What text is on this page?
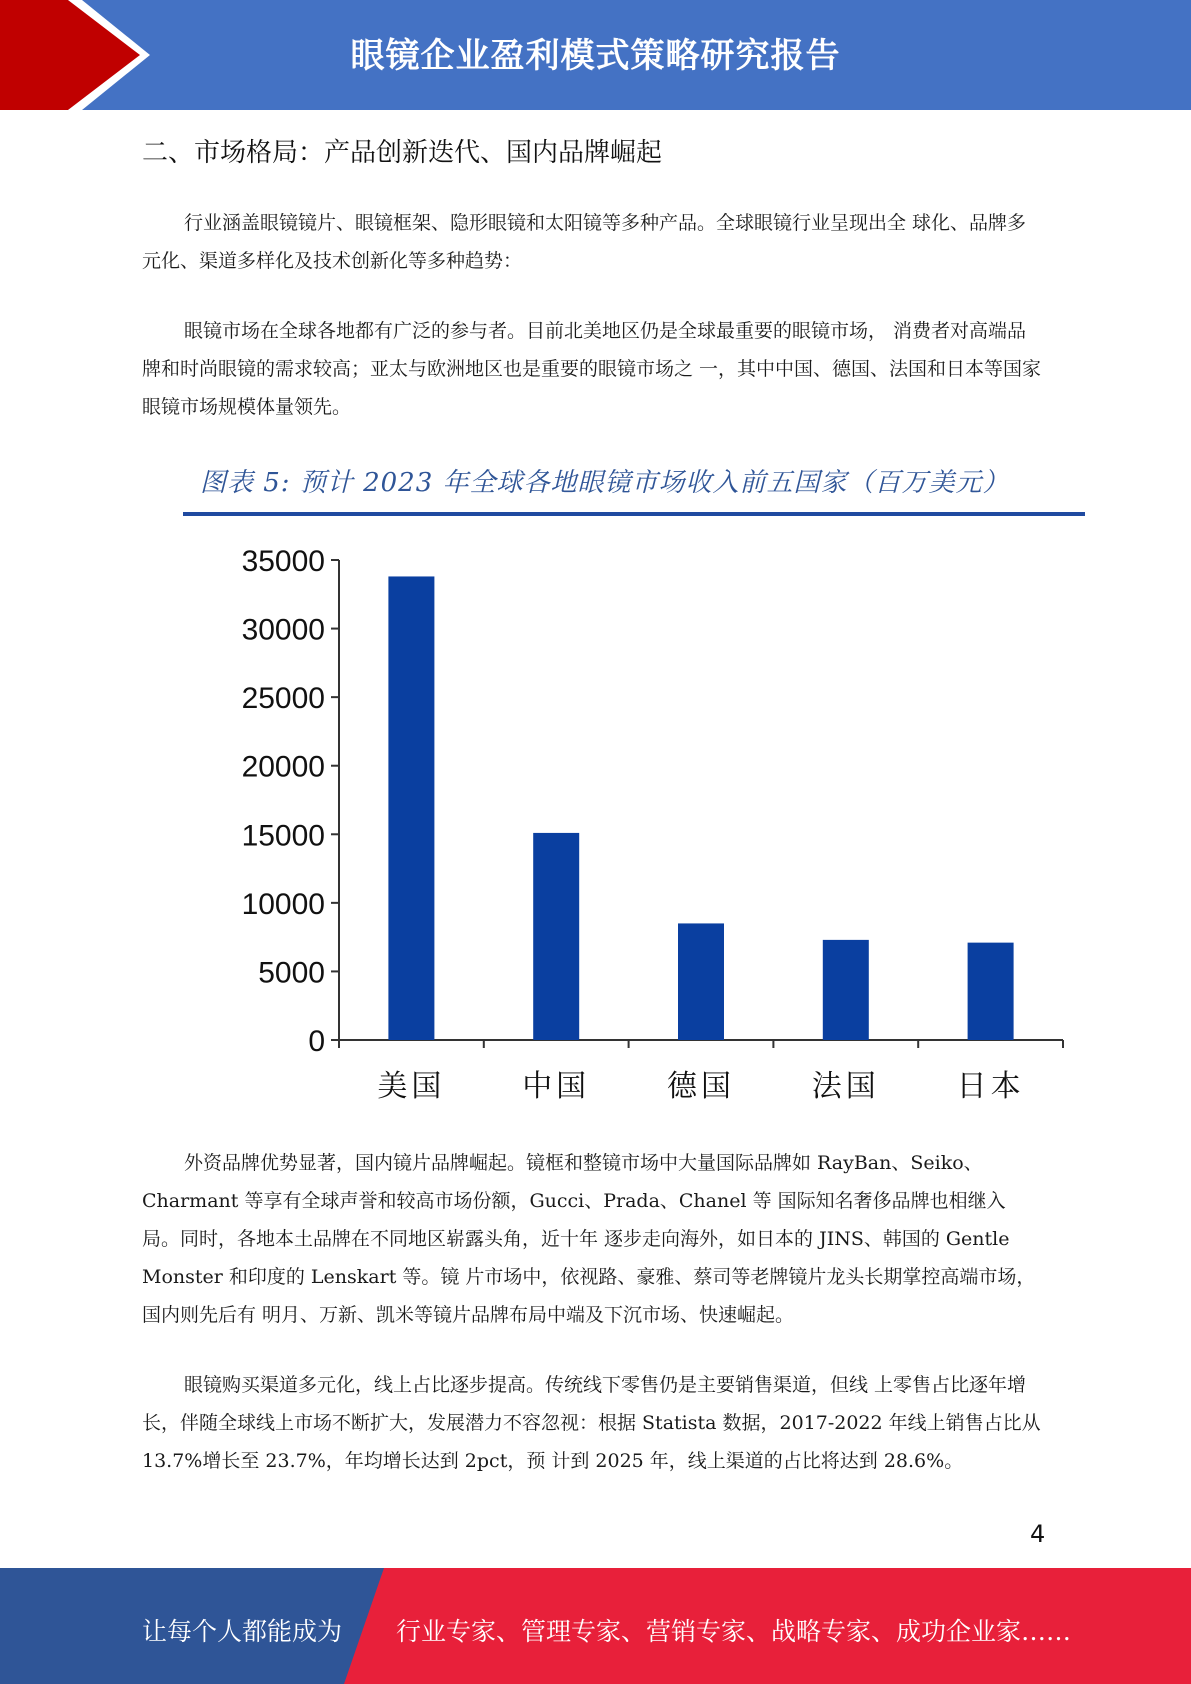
眼镜企业盈利模式策略研究报告
二、市场格局：产品创新迭代、国内品牌崛起

行业涵盖眼镜镜片、眼镜框架、隐形眼镜和太阳镜等多种产品。全球眼镜行业呈现出全 球化、品牌多元化、渠道多样化及技术创新化等多种趋势：

眼镜市场在全球各地都有广泛的参与者。目前北美地区仍是全球最重要的眼镜市场， 消费者对高端品牌和时尚眼镜的需求较高；亚太与欧洲地区也是重要的眼镜市场之 一，其中中国、德国、法国和日本等国家眼镜市场规模体量领先。

图表 5: 预计 2023 年全球各地眼镜市场收入前五国家（百万美元）
0
5000
10000
15000
20000
25000
30000
35000
美国	中国	德国	法国	日本

外资品牌优势显著，国内镜片品牌崛起。镜框和整镜市场中大量国际品牌如 RayBan、Seiko、Charmant 等享有全球声誉和较高市场份额，Gucci、Prada、Chanel 等 国际知名奢侈品牌也相继入局。同时，各地本土品牌在不同地区崭露头角，近十年 逐步走向海外，如日本的 JINS、韩国的 Gentle Monster 和印度的 Lenskart 等。镜 片市场中，依视路、豪雅、蔡司等老牌镜片龙头长期掌控高端市场，国内则先后有 明月、万新、凯米等镜片品牌布局中端及下沉市场、快速崛起。

眼镜购买渠道多元化，线上占比逐步提高。传统线下零售仍是主要销售渠道，但线 上零售占比逐年增长，伴随全球线上市场不断扩大，发展潜力不容忽视：根据 Statista 数据，2017-2022 年线上销售占比从 13.7%增长至 23.7%，年均增长达到 2pct，预 计到 2025 年，线上渠道的占比将达到 28.6%。

4
让每个人都能成为 行业专家、管理专家、营销专家、战略专家、成功企业家……
